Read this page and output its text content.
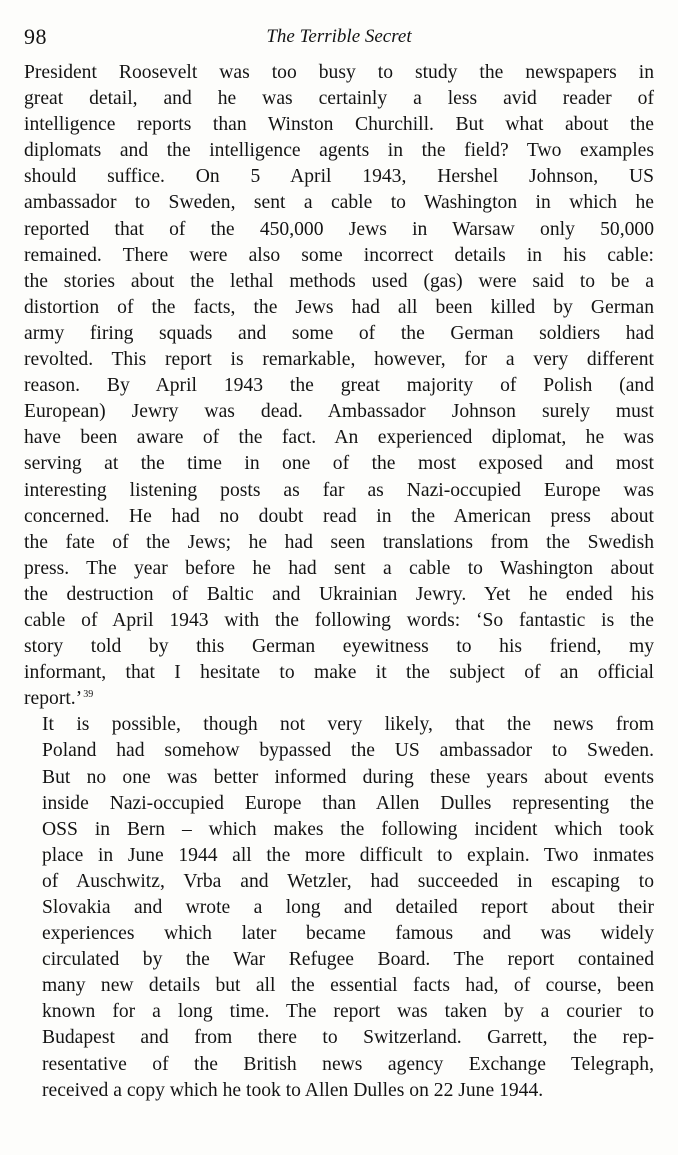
98	The Terrible Secret

President Roosevelt was too busy to study the newspapers in
great detail, and he was certainly a less avid reader of
intelligence reports than Winston Churchill. But what about the
diplomats and the intelligence agents in the field? Two examples
should suffice. On 5 April 1943, Hershel Johnson, US
ambassador to Sweden, sent a cable to Washington in which he
reported that of the 450,000 Jews in Warsaw only 50,000
remained. There were also some incorrect details in his cable:
the stories about the lethal methods used (gas) were said to be a
distortion of the facts, the Jews had all been killed by German
army firing squads and some of the German soldiers had
revolted. This report is remarkable, however, for a very different
reason. By April 1943 the great majority of Polish (and
European) Jewry was dead. Ambassador Johnson surely must
have been aware of the fact. An experienced diplomat, he was
serving at the time in one of the most exposed and most
interesting listening posts as far as Nazi-occupied Europe was
concerned. He had no doubt read in the American press about
the fate of the Jews; he had seen translations from the Swedish
press. The year before he had sent a cable to Washington about
the destruction of Baltic and Ukrainian Jewry. Yet he ended his
cable of April 1943 with the following words: ‘So fantastic is the
story told by this German eyewitness to his friend, my
informant, that I hesitate to make it the subject of an official
report.’$^{39}$

It is possible, though not very likely, that the news from
Poland had somehow bypassed the US ambassador to Sweden.
But no one was better informed during these years about events
inside Nazi-occupied Europe than Allen Dulles representing the
OSS in Bern – which makes the following incident which took
place in June 1944 all the more difficult to explain. Two inmates
of Auschwitz, Vrba and Wetzler, had succeeded in escaping to
Slovakia and wrote a long and detailed report about their
experiences which later became famous and was widely
circulated by the War Refugee Board. The report contained
many new details but all the essential facts had, of course, been
known for a long time. The report was taken by a courier to
Budapest and from there to Switzerland. Garrett, the rep-
resentative of the British news agency Exchange Telegraph,
received a copy which he took to Allen Dulles on 22 June 1944.
